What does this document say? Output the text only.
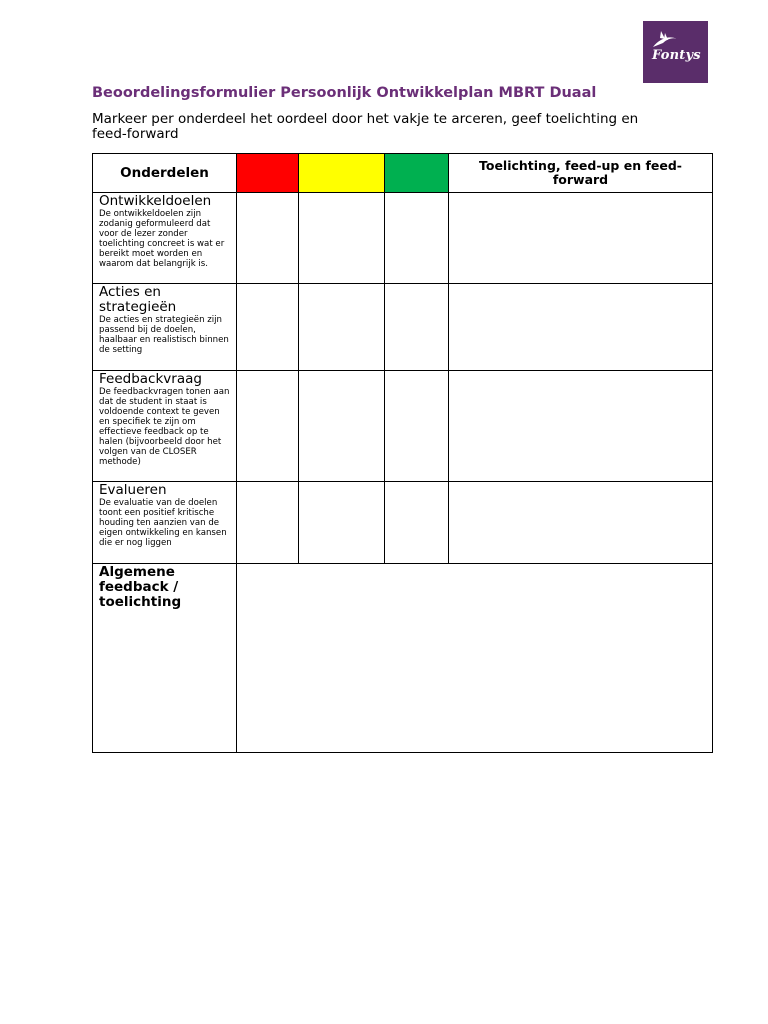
Fontys
Beoordelingsformulier Persoonlijk Ontwikkelplan MBRT Duaal
Markeer per onderdeel het oordeel door het vakje te arceren, geef toelichting en feed-forward
Onderdelen				Toelichting, feed-up en feed-forward

Ontwikkeldoelen
De ontwikkeldoelen zijn zodanig geformuleerd dat voor de lezer zonder toelichting concreet is wat er bereikt moet worden en waarom dat belangrijk is.				

Acties en strategieën
De acties en strategieën zijn passend bij de doelen, haalbaar en realistisch binnen de setting				

Feedbackvraag
De feedbackvragen tonen aan dat de student in staat is voldoende context te geven en specifiek te zijn om effectieve feedback op te halen (bijvoorbeeld door het volgen van de CLOSER methode)				

Evalueren
De evaluatie van de doelen toont een positief kritische houding ten aanzien van de eigen ontwikkeling en kansen die er nog liggen				

Algemene feedback / toelichting				
